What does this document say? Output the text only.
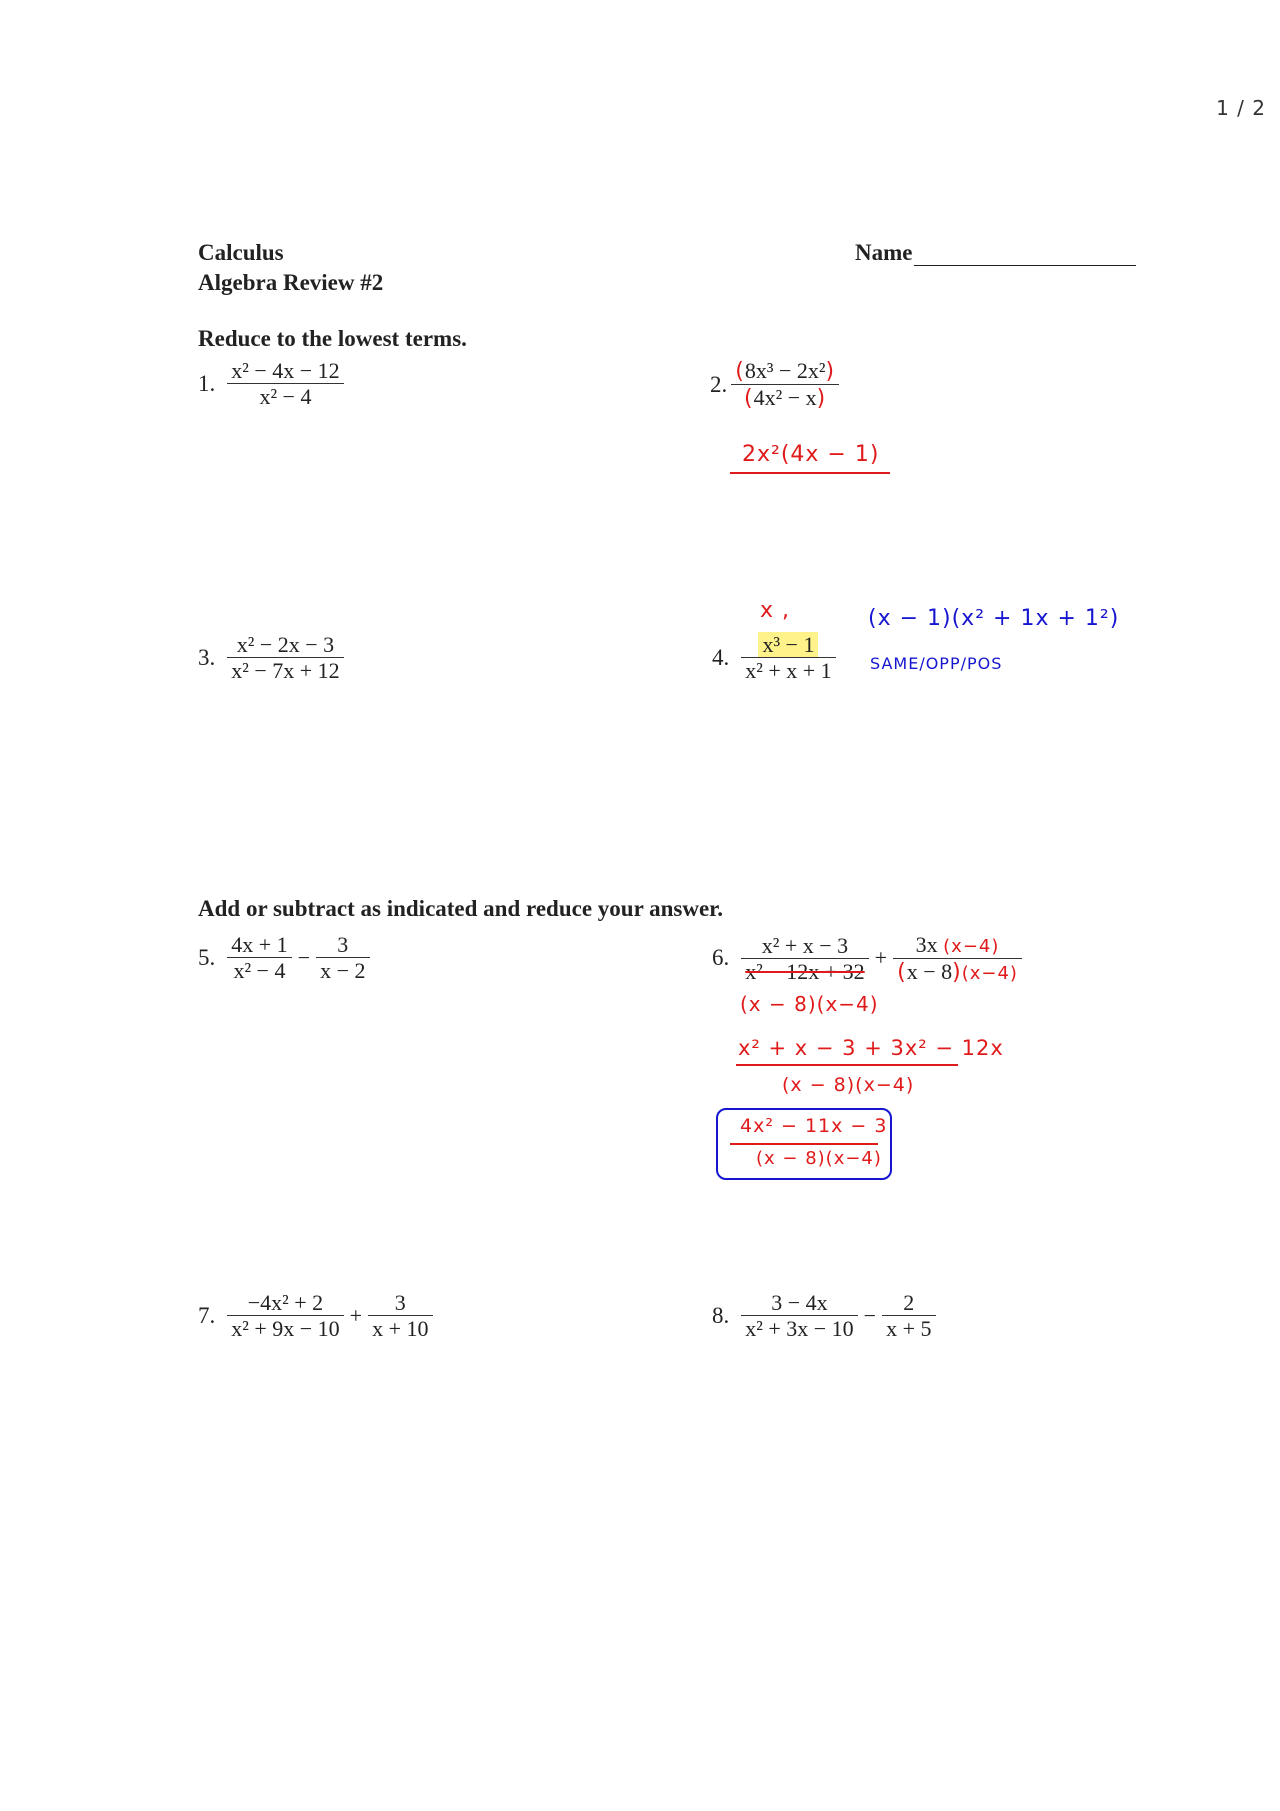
1 / 2
Calculus
Algebra Review #2
Name
Reduce to the lowest terms.
1. $\frac{\text{x² − 4x − 12}}{\text{x² − 4}}$	2. $\frac{\text{(8x³ − 2x²)}}{\text{(4x² − x)}}$
2x²(4x − 1)
3. $\frac{\text{x² − 2x − 3}}{\text{x² − 7x + 12}}$
x ,
4. $\frac{\text{x³ − 1}}{\text{x² + x + 1}}$
(x − 1)(x² + 1x + 1²)
SAME/OPP/POS
Add or subtract as indicated and reduce your answer.
5. $\frac{4x + 1}{\text{x² − 4}} - \frac{3}{x - 2}$	6. $\frac{\text{x² + x − 3}}{\text{x² − 12x + 32}} + \frac{3x (x-4)}{(x - 8)(x-4)}$
(x − 8)(x−4)
x² + x − 3 + 3x² − 12x
(x − 8)(x−4)
4x² − 11x − 3
(x − 8)(x−4)
7. $\frac{\text{−4x² + 2}}{\text{x² + 9x − 10}} + \frac{3}{x + 10}$	8. $\frac{3 - 4x}{\text{x² + 3x − 10}} - \frac{2}{x + 5}$
